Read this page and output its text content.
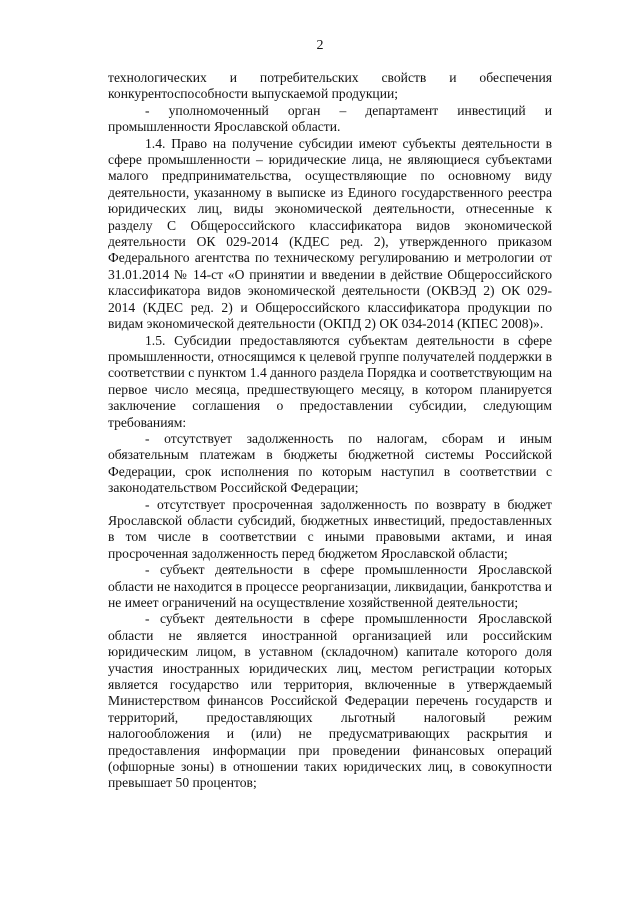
2

технологических и потребительских свойств и обеспечения конкурентоспособности выпускаемой продукции;

- уполномоченный орган – департамент инвестиций и промышленности Ярославской области.

1.4. Право на получение субсидии имеют субъекты деятельности в сфере промышленности – юридические лица, не являющиеся субъектами малого предпринимательства, осуществляющие по основному виду деятельности, указанному в выписке из Единого государственного реестра юридических лиц, виды экономической деятельности, отнесенные к разделу С Общероссийского классификатора видов экономической деятельности ОК 029-2014 (КДЕС ред. 2), утвержденного приказом Федерального агентства по техническому регулированию и метрологии от 31.01.2014 № 14-ст «О принятии и введении в действие Общероссийского классификатора видов экономической деятельности (ОКВЭД 2) ОК 029-2014 (КДЕС ред. 2) и Общероссийского классификатора продукции по видам экономической деятельности (ОКПД 2) ОК 034-2014 (КПЕС 2008)».

1.5. Субсидии предоставляются субъектам деятельности в сфере промышленности, относящимся к целевой группе получателей поддержки в соответствии с пунктом 1.4 данного раздела Порядка и соответствующим на первое число месяца, предшествующего месяцу, в котором планируется заключение соглашения о предоставлении субсидии, следующим требованиям:

- отсутствует задолженность по налогам, сборам и иным обязательным платежам в бюджеты бюджетной системы Российской Федерации, срок исполнения по которым наступил в соответствии с законодательством Российской Федерации;

- отсутствует просроченная задолженность по возврату в бюджет Ярославской области субсидий, бюджетных инвестиций, предоставленных в том числе в соответствии с иными правовыми актами, и иная просроченная задолженность перед бюджетом Ярославской области;

- субъект деятельности в сфере промышленности Ярославской области не находится в процессе реорганизации, ликвидации, банкротства и не имеет ограничений на осуществление хозяйственной деятельности;

- субъект деятельности в сфере промышленности Ярославской области не является иностранной организацией или российским юридическим лицом, в уставном (складочном) капитале которого доля участия иностранных юридических лиц, местом регистрации которых является государство или территория, включенные в утверждаемый Министерством финансов Российской Федерации перечень государств и территорий, предоставляющих льготный налоговый режим налогообложения и (или) не предусматривающих раскрытия и предоставления информации при проведении финансовых операций (офшорные зоны) в отношении таких юридических лиц, в совокупности превышает 50 процентов;
